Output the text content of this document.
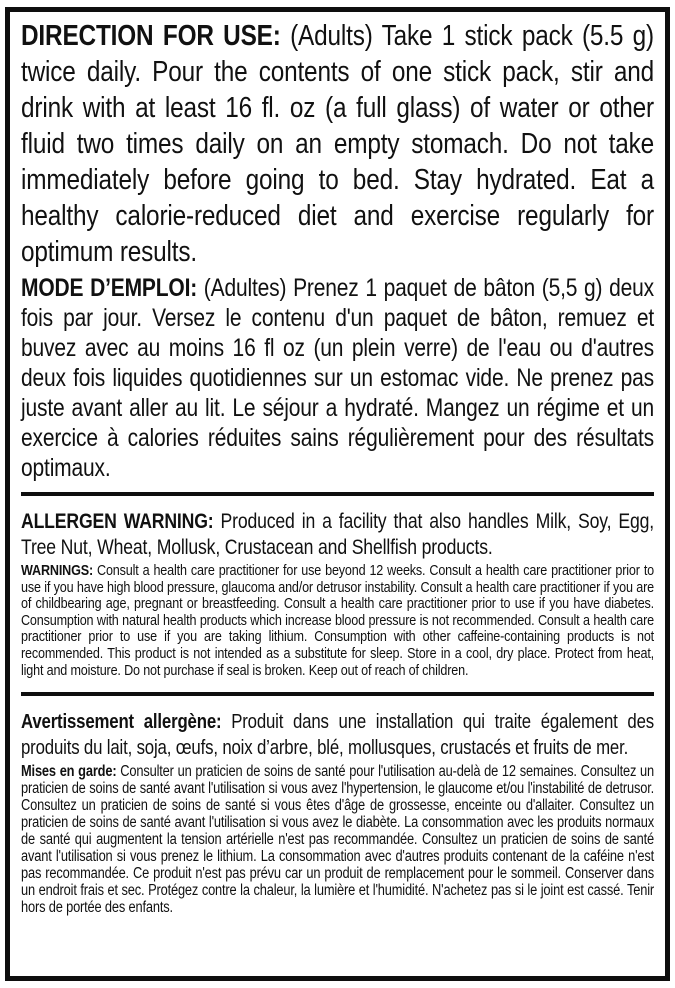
DIRECTION FOR USE: (Adults) Take 1 stick pack (5.5 g) twice daily. Pour the contents of one stick pack, stir and drink with at least 16 fl. oz (a full glass) of water or other fluid two times daily on an empty stomach. Do not take immediately before going to bed. Stay hydrated. Eat a healthy calorie-reduced diet and exercise regularly for optimum results.

MODE D’EMPLOI: (Adultes) Prenez 1 paquet de bâton (5,5 g) deux fois par jour. Versez le contenu d'un paquet de bâton, remuez et buvez avec au moins 16 fl oz (un plein verre) de l'eau ou d'autres deux fois liquides quotidiennes sur un estomac vide. Ne prenez pas juste avant aller au lit. Le séjour a hydraté. Mangez un régime et un exercice à calories réduites sains régulièrement pour des résultats optimaux.

ALLERGEN WARNING: Produced in a facility that also handles Milk, Soy, Egg, Tree Nut, Wheat, Mollusk, Crustacean and Shellfish products.

WARNINGS: Consult a health care practitioner for use beyond 12 weeks. Consult a health care practitioner prior to use if you have high blood pressure, glaucoma and/or detrusor instability. Consult a health care practitioner if you are of childbearing age, pregnant or breastfeeding. Consult a health care practitioner prior to use if you have diabetes. Consumption with natural health products which increase blood pressure is not recommended. Consult a health care practitioner prior to use if you are taking lithium. Consumption with other caffeine-containing products is not recommended. This product is not intended as a substitute for sleep. Store in a cool, dry place. Protect from heat, light and moisture. Do not purchase if seal is broken. Keep out of reach of children.

Avertissement allergène: Produit dans une installation qui traite également des produits du lait, soja, œufs, noix d’arbre, blé, mollusques, crustacés et fruits de mer.

Mises en garde: Consulter un praticien de soins de santé pour l'utilisation au-delà de 12 semaines. Consultez un praticien de soins de santé avant l'utilisation si vous avez l'hypertension, le glaucome et/ou l'instabilité de detrusor. Consultez un praticien de soins de santé si vous êtes d'âge de grossesse, enceinte ou d'allaiter. Consultez un praticien de soins de santé avant l'utilisation si vous avez le diabète. La consommation avec les produits normaux de santé qui augmentent la tension artérielle n'est pas recommandée. Consultez un praticien de soins de santé avant l'utilisation si vous prenez le lithium. La consommation avec d'autres produits contenant de la caféine n'est pas recommandée. Ce produit n'est pas prévu car un produit de remplacement pour le sommeil. Conserver dans un endroit frais et sec. Protégez contre la chaleur, la lumière et l'humidité. N'achetez pas si le joint est cassé. Tenir hors de portée des enfants.
